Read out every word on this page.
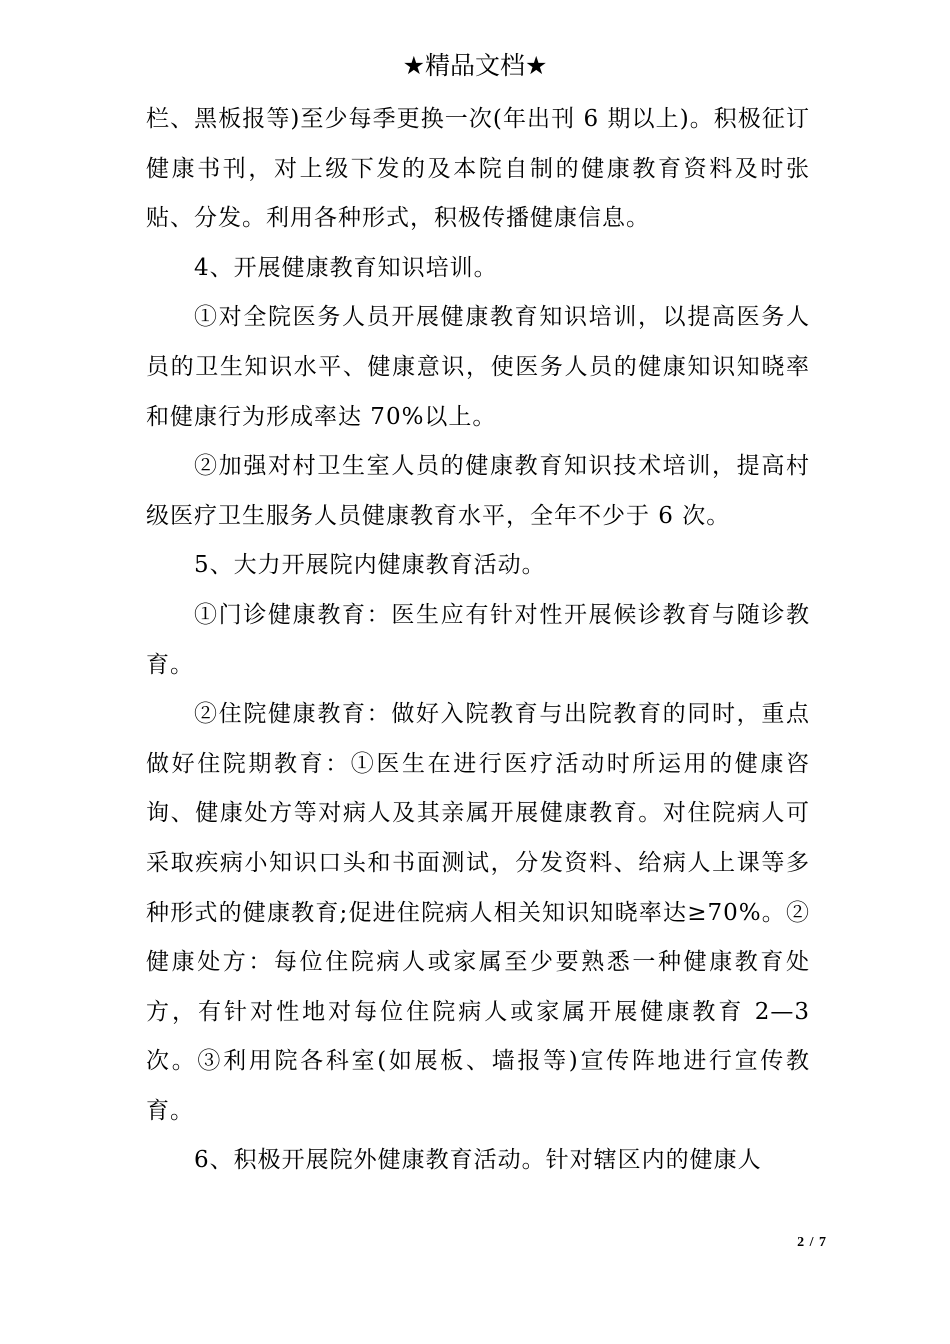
★精品文档★

栏、黑板报等)至少每季更换一次(年出刊 6 期以上)。积极征订健康书刊，对上级下发的及本院自制的健康教育资料及时张贴、分发。利用各种形式，积极传播健康信息。

4、开展健康教育知识培训。

①对全院医务人员开展健康教育知识培训，以提高医务人员的卫生知识水平、健康意识，使医务人员的健康知识知晓率和健康行为形成率达 70%以上。

②加强对村卫生室人员的健康教育知识技术培训，提高村级医疗卫生服务人员健康教育水平，全年不少于 6 次。

5、大力开展院内健康教育活动。

①门诊健康教育：医生应有针对性开展候诊教育与随诊教育。

②住院健康教育：做好入院教育与出院教育的同时，重点做好住院期教育：①医生在进行医疗活动时所运用的健康咨询、健康处方等对病人及其亲属开展健康教育。对住院病人可采取疾病小知识口头和书面测试，分发资料、给病人上课等多种形式的健康教育;促进住院病人相关知识知晓率达≥70%。②健康处方：每位住院病人或家属至少要熟悉一种健康教育处方，有针对性地对每位住院病人或家属开展健康教育 2—3 次。③利用院各科室(如展板、墙报等)宣传阵地进行宣传教育。

6、积极开展院外健康教育活动。针对辖区内的健康人

2 / 7
